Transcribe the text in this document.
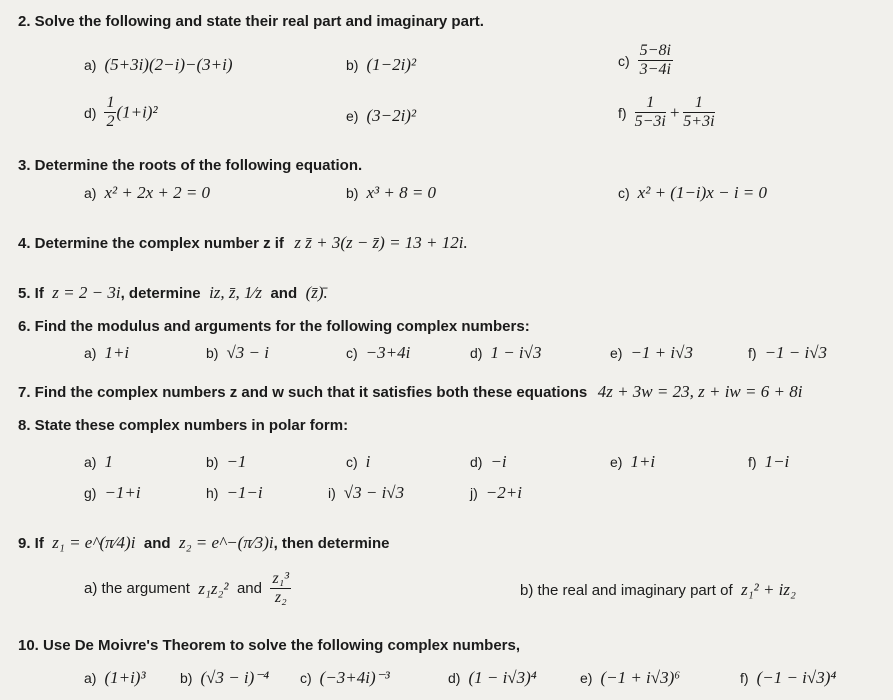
2. Solve the following and state their real part and imaginary part.
a) (5+3i)(2−i)−(3+i)	b) (1−2i)²	$c) \frac{5-8i}{3-4i}$
$d) \frac{1}{2} (1+i)^2$	e) (3−2i)²	$f) \frac{1}{5-3i} + \frac{1}{5+3i}$
3. Determine the roots of the following equation.
a) x² + 2x + 2 = 0	b) x³ + 8 = 0	c) x² + (1−i)x − i = 0
4. Determine the complex number z if z z̄ + 3(z − z̄) = 13 + 12i.
5. If z = 2 − 3i, determine iz, z̄, 1⁄z and (z̄)̄.
6. Find the modulus and arguments for the following complex numbers:
a) 1+i	b) √3 − i	c) −3+4i	d) 1 − i√3	e) −1 + i√3	f) −1 − i√3
7. Find the complex numbers z and w such that it satisfies both these equations 4z + 3w = 23, z + iw = 6 + 8i
8. State these complex numbers in polar form:
a) 1	b) −1	c) i	d) −i	e) 1+i	f) 1−i
g) −1+i	h) −1−i	i) √3 − i√3	j) −2+i
9. If z₁ = e^(π⁄4)i and z₂ = e^−(π⁄3)i, then determine
a) the argument z₁z₂² and $\frac{\text{z₁³}}{\text{z₂}}$	b) the real and imaginary part of z₁² + iz₂
10. Use De Moivre's Theorem to solve the following complex numbers,
a) (1+i)³ b) (√3 − i)⁻⁴ c) (−3+4i)⁻³	d) (1 − i√3)⁴	e) (−1 + i√3)⁶	f) (−1 − i√3)⁴
